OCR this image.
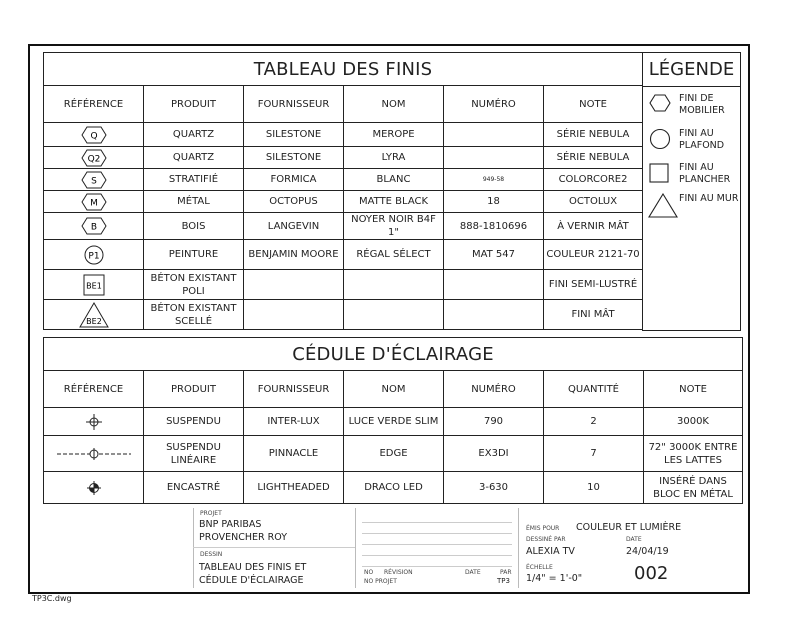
TABLEAU DES FINIS					
RÉFÉRENCE	PRODUIT	FOURNISSEUR	NOM	NUMÉRO	NOTE

Q	QUARTZ	SILESTONE	MEROPE		SÉRIE NEBULA

Q2	QUARTZ	SILESTONE	LYRA		SÉRIE NEBULA

S	STRATIFIÉ	FORMICA	BLANC	949-58	COLORCORE2

M	MÉTAL	OCTOPUS	MATTE BLACK	18	OCTOLUX

B	BOIS	LANGEVIN	NOYER NOIR B4F 1"	888-1810696	À VERNIR MÂT

P1	PEINTURE	BENJAMIN MOORE	RÉGAL SÉLECT	MAT 547	COULEUR 2121-70

BE1	BÉTON EXISTANT POLI				FINI SEMI-LUSTRÉ

BE2	BÉTON EXISTANT SCELLÉ				FINI MÂT
LÉGENDE
FINI DE MOBILIER
FINI AU PLAFOND
FINI AU PLANCHER
FINI AU MUR
CÉDULE D'ÉCLAIRAGE						
RÉFÉRENCE	PRODUIT	FOURNISSEUR	NOM	NUMÉRO	QUANTITÉ	NOTE
	SUSPENDU	INTER-LUX	LUCE VERDE SLIM	790	2	3000K
	SUSPENDU LINÉAIRE	PINNACLE	EDGE	EX3DI	7	72" 3000K ENTRE LES LATTES
	ENCASTRÉ	LIGHTHEADED	DRACO LED	3-630	10	INSÉRÉ DANS BLOC EN MÉTAL
PROJET
BNP PARIBAS
PROVENCHER ROY
DESSIN
TABLEAU DES FINIS ET
CÉDULE D'ÉCLAIRAGE
NO RÉVISION	DATE	PAR
NO PROJET	TP3
ÉMIS POUR COULEUR ET LUMIÈRE
DESSINÉ PAR
ALEXIA TV
DATE
24/04/19
ÉCHELLE
1/4" = 1'-0"	002
TP3C.dwg
